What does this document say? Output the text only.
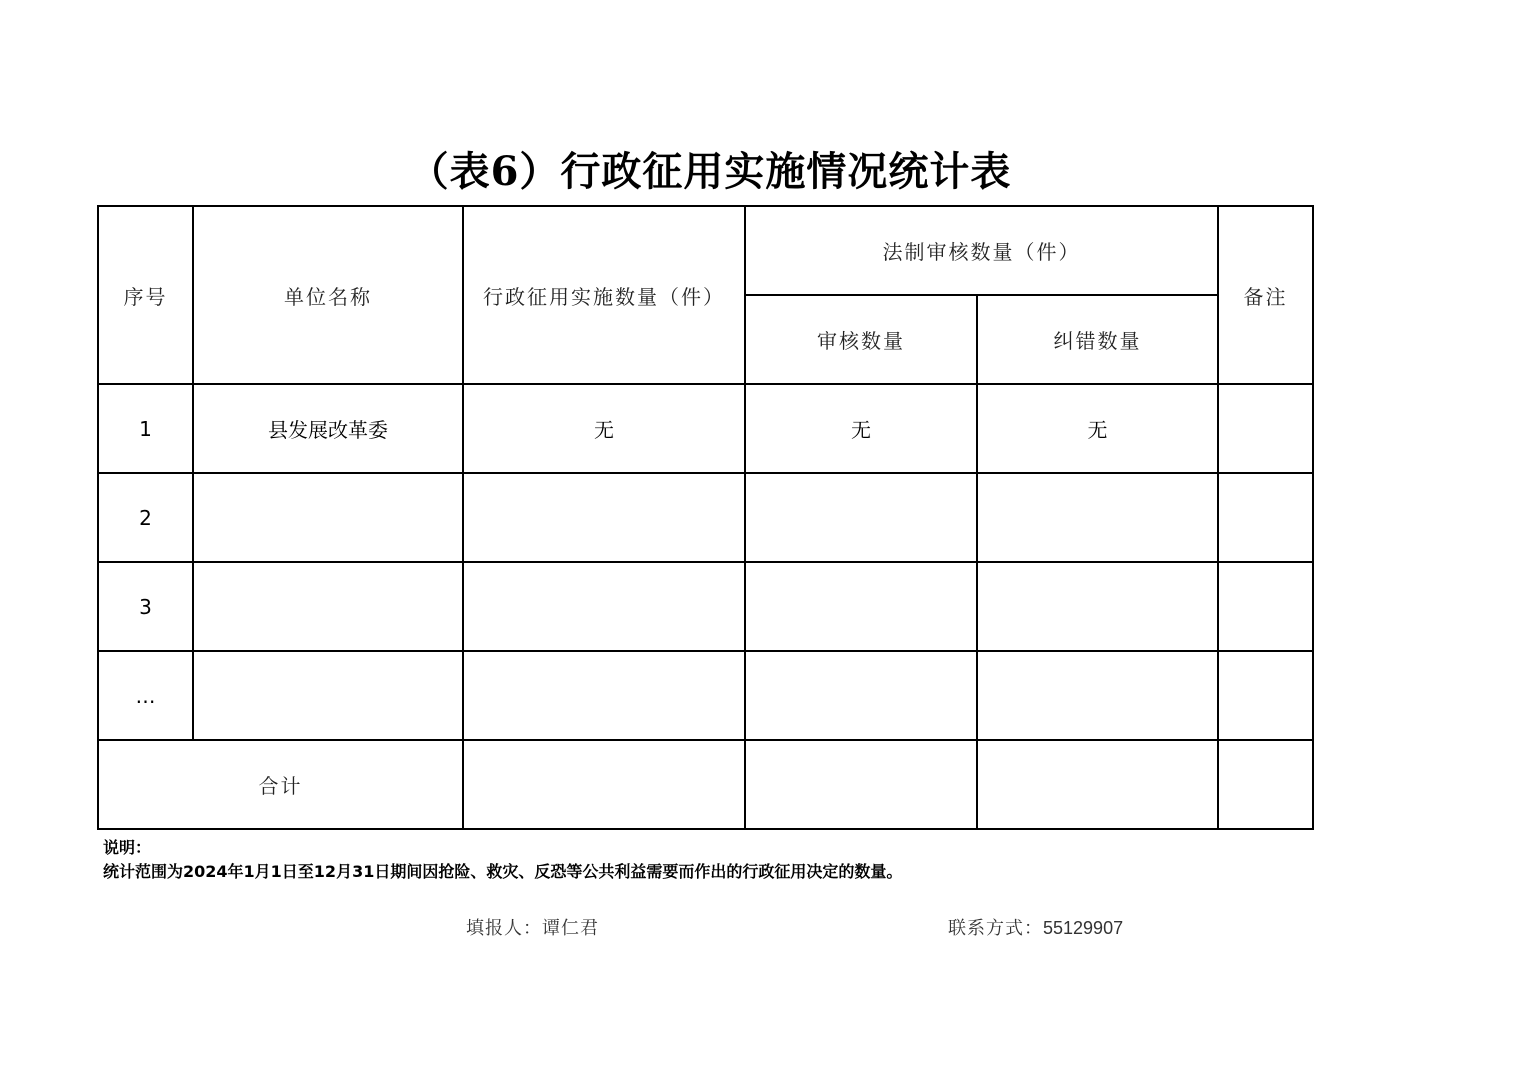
（表6）行政征用实施情况统计表
序号	单位名称	行政征用实施数量（件）	法制审核数量（件）		备注
			审核数量	纠错数量	
1	县发展改革委	无	无	无	
2					
3					
…					
合计					
说明：
统计范围为2024年1月1日至12月31日期间因抢险、救灾、反恐等公共利益需要而作出的行政征用决定的数量。
填报人：谭仁君	联系方式：55129907
